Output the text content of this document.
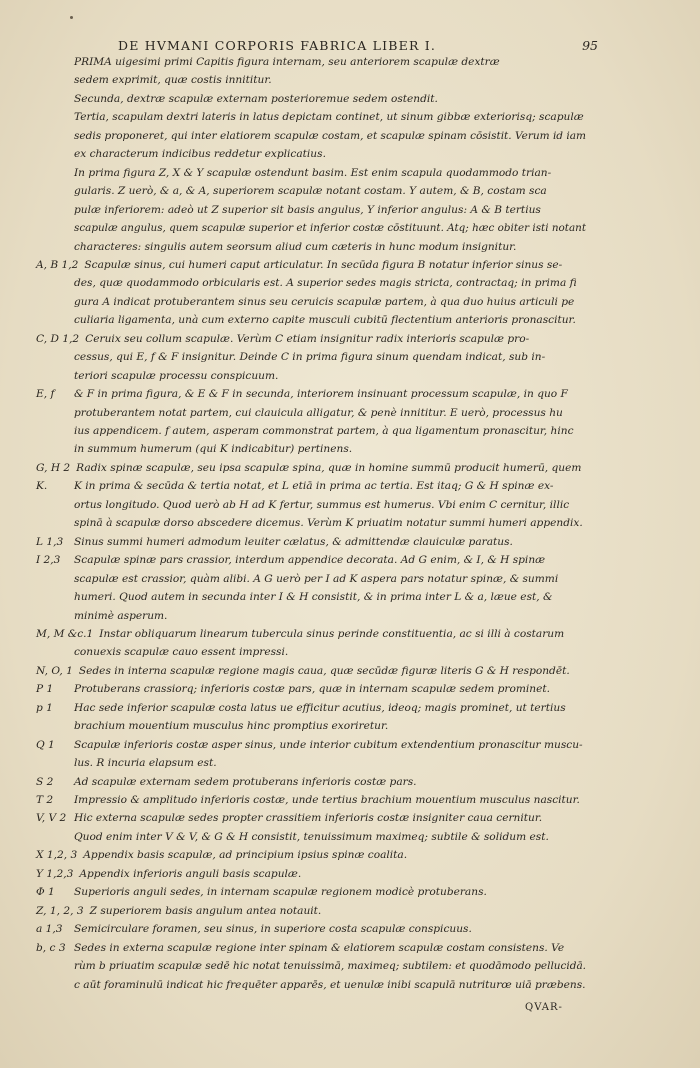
DE HVMANI CORPORIS FABRICA LIBER I.	95
PRIMA uigesimi primi Capitis figura internam, seu anteriorem scapulæ dextræ
sedem exprimit, quæ costis innititur.
Secunda, dextræ scapulæ externam posterioremue sedem ostendit.
Tertia, scapulam dextri lateris in latus depictam continet, ut sinum gibbæ exteriorisq; scapulæ
sedis proponeret, qui inter elatiorem scapulæ costam, et scapulæ spinam cōsistit. Verum id iam
ex characterum indicibus reddetur explicatius.
In prima figura Z, X & Y scapulæ ostendunt basim. Est enim scapula quodammodo trian-
gularis. Z uerò, & a, & A, superiorem scapulæ notant costam. Y autem, & B, costam sca
pulæ inferiorem: adeò ut Z superior sit basis angulus, Y inferior angulus: A & B tertius
scapulæ angulus, quem scapulæ superior et inferior costæ cōstituunt. Atq; hæc obiter isti notant
characteres: singulis autem seorsum aliud cum cæteris in hunc modum insignitur.
A, B 1,2 Scapulæ sinus, cui humeri caput articulatur. In secūda figura B notatur inferior sinus se-
des, quæ quodammodo orbicularis est. A superior sedes magis stricta, contractaq; in prima fi
gura A indicat protuberantem sinus seu ceruicis scapulæ partem, à qua duo huius articuli pe
culiaria ligamenta, unà cum externo capite musculi cubitū flectentium anterioris pronascitur.
C, D 1,2 Ceruix seu collum scapulæ. Verùm C etiam insignitur radix interioris scapulæ pro-
cessus, qui E, f & F insignitur. Deinde C in prima figura sinum quendam indicat, sub in-
teriori scapulæ processu conspicuum.
E, f & F in prima figura, & E & F in secunda, interiorem insinuant processum scapulæ, in quo F
protuberantem notat partem, cui clauicula alligatur, & penè innititur. E uerò, processus hu
ius appendicem. f autem, asperam commonstrat partem, à qua ligamentum pronascitur, hinc
in summum humerum (qui K indicabitur) pertinens.
G, H 2 Radix spinæ scapulæ, seu ipsa scapulæ spina, quæ in homine summū producit humerū, quem
K.	K in prima & secūda & tertia notat, et L etiā in prima ac tertia. Est itaq; G & H spinæ ex-
ortus longitudo. Quod uerò ab H ad K fertur, summus est humerus. Vbi enim C cernitur, illic
spinā à scapulæ dorso abscedere dicemus. Verùm K priuatim notatur summi humeri appendix.
L 1,3 Sinus summi humeri admodum leuiter cælatus, & admittendæ clauiculæ paratus.
I 2,3 Scapulæ spinæ pars crassior, interdum appendice decorata. Ad G enim, & I, & H spinæ
scapulæ est crassior, quàm alibi. A G uerò per I ad K aspera pars notatur spinæ, & summi
humeri. Quod autem in secunda inter I & H consistit, & in prima inter L & a, læue est, &
minimè asperum.
M, M &c.1 Instar obliquarum linearum tubercula sinus perinde constituentia, ac si illi à costarum
conuexis scapulæ cauo essent impressi.
N, O, 1 Sedes in interna scapulæ regione magis caua, quæ secūdæ figuræ literis G & H respondēt.
P 1 Protuberans crassiorq; inferioris costæ pars, quæ in internam scapulæ sedem prominet.
p 1 Hac sede inferior scapulæ costa latus ue efficitur acutius, ideoq; magis prominet, ut tertius
brachium mouentium musculus hinc promptius exoriretur.
Q 1 Scapulæ inferioris costæ asper sinus, unde interior cubitum extendentium pronascitur muscu-
lus. R incuria elapsum est.
S 2 Ad scapulæ externam sedem protuberans inferioris costæ pars.
T 2 Impressio & amplitudo inferioris costæ, unde tertius brachium mouentium musculus nascitur.
V, V 2 Hic externa scapulæ sedes propter crassitiem inferioris costæ insigniter caua cernitur.
Quod enim inter V & V, & G & H consistit, tenuissimum maximeq; subtile & solidum est.
X 1,2, 3 Appendix basis scapulæ, ad principium ipsius spinæ coalita.
Y 1,2,3 Appendix inferioris anguli basis scapulæ.
Φ 1 Superioris anguli sedes, in internam scapulæ regionem modicè protuberans.
Z, 1, 2, 3 Z superiorem basis angulum antea notauit.
a 1,3 Semicirculare foramen, seu sinus, in superiore costa scapulæ conspicuus.
b, c 3 Sedes in externa scapulæ regione inter spinam & elatiorem scapulæ costam consistens. Ve
rùm b priuatim scapulæ sedē hic notat tenuissimā, maximeq; subtilem: et quodāmodo pellucidā.
c aūt foraminulū indicat hic frequēter apparēs, et uenulæ inibi scapulā nutriturœ uiā præbens.
QVAR-
